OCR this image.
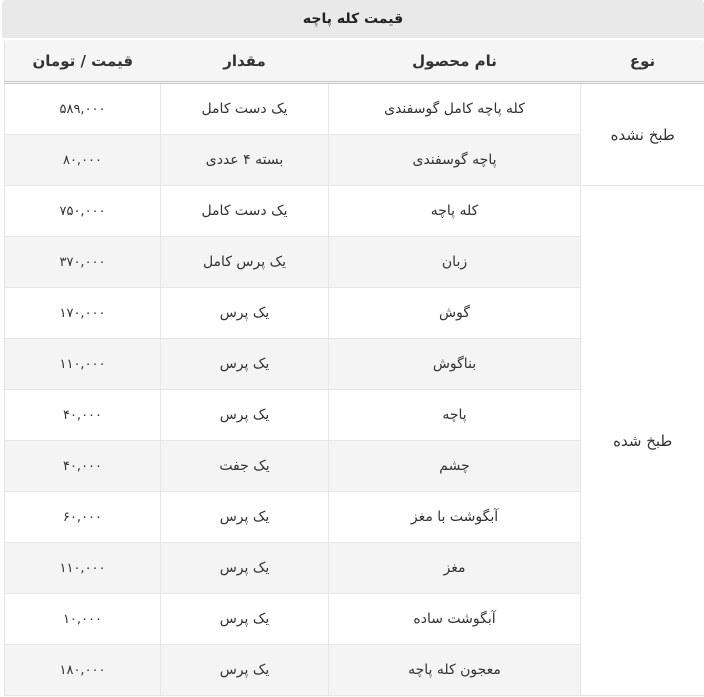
قیمت کله پاچه
نوع	نام محصول	مقدار	قیمت / تومان
طبخ نشده	کله پاچه کامل گوسفندی	یک دست کامل	۵۸۹,۰۰۰
	پاچه گوسفندی	بسته ۴ عددی	۸۰,۰۰۰
طبخ شده	کله پاچه	یک دست کامل	۷۵۰,۰۰۰
	زبان	یک پرس کامل	۳۷۰,۰۰۰
	گوش	یک پرس	۱۷۰,۰۰۰
	بناگوش	یک پرس	۱۱۰,۰۰۰
	پاچه	یک پرس	۴۰,۰۰۰
	چشم	یک جفت	۴۰,۰۰۰
	آبگوشت با مغز	یک پرس	۶۰,۰۰۰
	مغز	یک پرس	۱۱۰,۰۰۰
	آبگوشت ساده	یک پرس	۱۰,۰۰۰
	معجون کله پاچه	یک پرس	۱۸۰,۰۰۰
